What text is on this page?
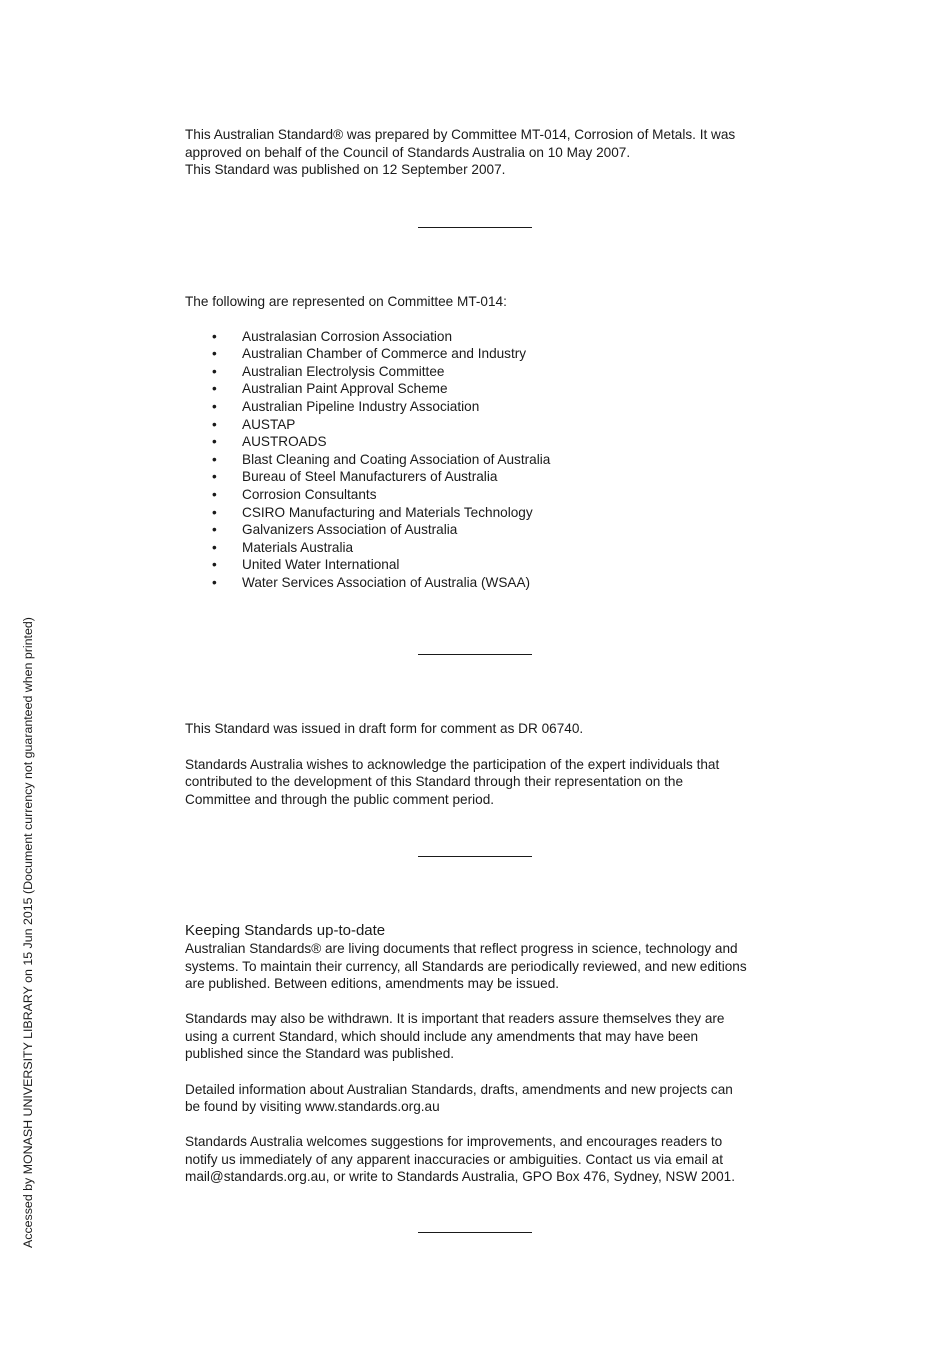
This Australian Standard® was prepared by Committee MT-014, Corrosion of Metals. It was

approved on behalf of the Council of Standards Australia on 10 May 2007.

This Standard was published on 12 September 2007.

The following are represented on Committee MT-014:

• Australasian Corrosion Association
• Australian Chamber of Commerce and Industry
• Australian Electrolysis Committee
• Australian Paint Approval Scheme
• Australian Pipeline Industry Association
• AUSTAP
• AUSTROADS
• Blast Cleaning and Coating Association of Australia
• Bureau of Steel Manufacturers of Australia
• Corrosion Consultants
• CSIRO Manufacturing and Materials Technology
• Galvanizers Association of Australia
• Materials Australia
• United Water International
• Water Services Association of Australia (WSAA)

This Standard was issued in draft form for comment as DR 06740.

Standards Australia wishes to acknowledge the participation of the expert individuals that

contributed to the development of this Standard through their representation on the

Committee and through the public comment period.

Keeping Standards up-to-date

Australian Standards® are living documents that reflect progress in science, technology and

systems. To maintain their currency, all Standards are periodically reviewed, and new editions

are published. Between editions, amendments may be issued.

Standards may also be withdrawn. It is important that readers assure themselves they are

using a current Standard, which should include any amendments that may have been

published since the Standard was published.

Detailed information about Australian Standards, drafts, amendments and new projects can

be found by visiting www.standards.org.au

Standards Australia welcomes suggestions for improvements, and encourages readers to

notify us immediately of any apparent inaccuracies or ambiguities. Contact us via email at

mail@standards.org.au, or write to Standards Australia, GPO Box 476, Sydney, NSW 2001.

Accessed by MONASH UNIVERSITY LIBRARY on 15 Jun 2015 (Document currency not guaranteed when printed)
